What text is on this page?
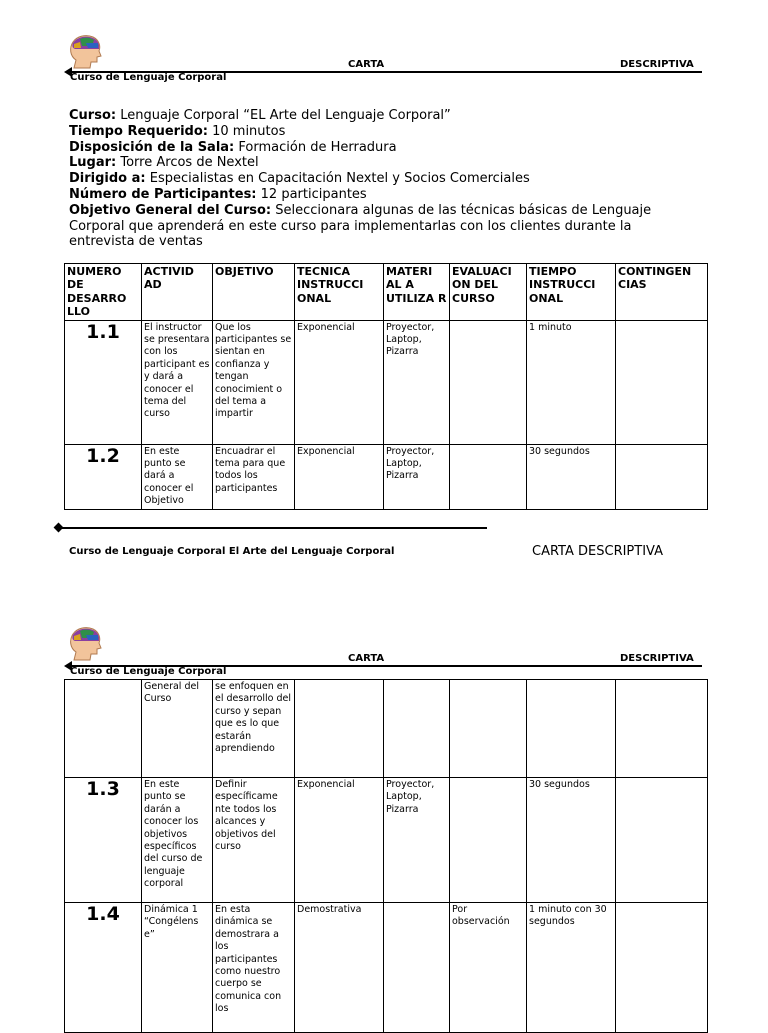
CARTA	DESCRIPTIVA
Curso de Lenguaje Corporal

Curso: Lenguaje Corporal “EL Arte del Lenguaje Corporal”

Tiempo Requerido: 10 minutos

Disposición de la Sala: Formación de Herradura

Lugar: Torre Arcos de Nextel

Dirigido a: Especialistas en Capacitación Nextel y Socios Comerciales

Número de Participantes: 12 participantes

Objetivo General del Curso: Seleccionara algunas de las técnicas básicas de Lenguaje Corporal que aprenderá en este curso para implementarlas con los clientes durante la entrevista de ventas

NUMERO DE DESARRO LLO	ACTIVID AD	OBJETIVO	TECNICA INSTRUCCI ONAL	MATERI AL A UTILIZA R	EVALUACI ON DEL CURSO	TIEMPO INSTRUCCI ONAL	CONTINGEN CIAS
1.1	El instructor se presentara con los participant es y dará a conocer el tema del curso	Que los participantes se sientan en confianza y tengan conocimient o del tema a impartir	Exponencial	Proyector, Laptop, Pizarra		1 minuto	
1.2	En este punto se dará a conocer el Objetivo	Encuadrar el tema para que todos los participantes	Exponencial	Proyector, Laptop, Pizarra		30 segundos	
Curso de Lenguaje Corporal El Arte del Lenguaje Corporal	CARTA DESCRIPTIVA
CARTA	DESCRIPTIVA
Curso de Lenguaje Corporal
	General del Curso	se enfoquen en el desarrollo del curso y sepan que es lo que estarán aprendiendo					
1.3	En este punto se darán a conocer los objetivos específicos del curso de lenguaje corporal	Definir específicame nte todos los alcances y objetivos del curso	Exponencial	Proyector, Laptop, Pizarra		30 segundos	
1.4	Dinámica 1 “Congélens e”	En esta dinámica se demostrara a los participantes como nuestro cuerpo se comunica con los	Demostrativa		Por observación	1 minuto con 30 segundos	
